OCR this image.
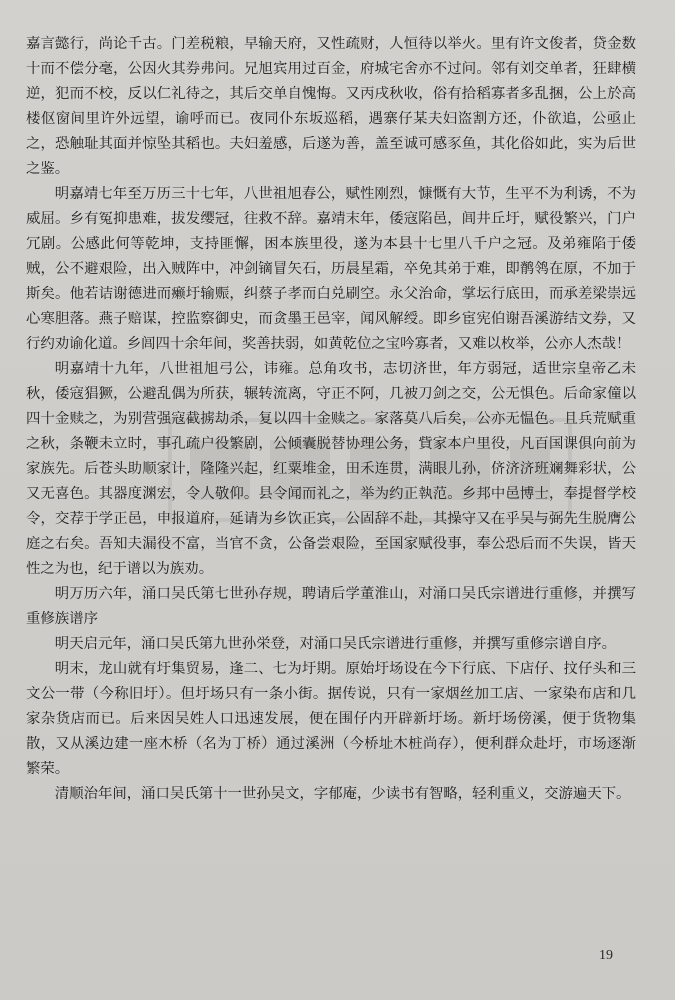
嘉言懿行，尚论千古。门差税粮，早输天府，又性疏财，人恒待以举火。里有许文俊者，贷金数十而不偿分毫，公因火其券弗问。兄旭宾用过百金，府城宅舍亦不过问。邻有刘交单者，狂肆横逆，犯而不校，反以仁礼待之，其后交单自愧悔。又丙戌秋收，俗有拾稻寡者多乱捆，公上於高楼伛窗间里许外远望，谕呼而已。夜同仆东坂巡稻，遇寨仔某夫妇盗割方还，仆欲追，公亟止之，恐触耻其面并惊坠其稻也。夫妇羞感，后遂为善，盖至诚可感豕鱼，其化俗如此，实为后世之鉴。

明嘉靖七年至万历三十七年，八世祖旭春公，赋性刚烈，慷慨有大节，生平不为利诱，不为威屈。乡有冤抑患难，拔发缨冠，往救不辞。嘉靖末年，倭寇陷邑，闾井丘圩，赋役繁兴，门户冗剧。公感此何等乾坤，支持匪懈，困本族里役，遂为本县十七里八千户之冠。及弟雍陷于倭贼，公不避艰险，出入贼阵中，冲剑镝冒矢石，历晨星霜，卒免其弟于难，即鹡鸰在原，不加于斯矣。他若诘谢德进而癞圩输赈，纠蔡子孝而白兑刷空。永父治命，掌坛行底田，而承差梁崇远心寒胆落。燕子赔谋，控监察御史，而贪墨王邑宰，闻风解绶。即乡宦宪伯谢吾溪游结文券，又行约劝谕化道。乡闾四十余年间，奖善扶弱，如黄乾位之宝吟寡者，又难以枚举，公亦人杰哉！

明嘉靖十九年，八世祖旭弓公，讳雍。总角攻书，志切济世，年方弱冠，适世宗皇帝乙未秋，倭寇猖獗，公避乱偶为所获，辗转流离，守正不阿，几被刀剑之交，公无惧色。后命家僮以四十金赎之，为别营强寇截掳劫杀，复以四十金赎之。家落莫八后矣，公亦无愠色。且兵荒赋重之秋，条鞭未立时，事孔疏户役繁剧，公倾囊脱替协理公务，貲家本户里役，凡百国课俱向前为家族先。后苍头助顺家计，隆隆兴起，红粟堆金，田禾连贯，满眼儿孙，侪济济班斓舞彩状，公又无喜色。其器度渊宏，令人敬仰。县令闻而礼之，举为约正執范。乡邦中邑博士，奉提督学校令，交荐于学正邑，申报道府，延请为乡饮正宾，公固辞不赴，其操守又在乎吴与弼先生脱膺公庭之右矣。吾知夫漏役不富，当官不贪，公备尝艰险，至国家赋役事，奉公恐后而不失误，皆天性之为也，纪于谱以为族劝。

明万历六年，涌口吴氏第七世孙存规，聘请后学董淮山，对涌口吴氏宗谱进行重修，并撰写重修族谱序

明天启元年，涌口吴氏第九世孙栄登，对涌口吴氏宗谱进行重修，并撰写重修宗谱自序。

明末，龙山就有圩集贸易，逢二、七为圩期。原始圩场设在今下行底、下店仔、抆仔头和三文公一带（今称旧圩）。但圩场只有一条小街。据传说，只有一家烟丝加工店、一家染布店和几家杂货店而已。后来因吴姓人口迅速发展，便在围仔内开辟新圩场。新圩场傍溪，便于货物集散，又从溪边建一座木桥（名为丁桥）通过溪洲（今桥址木桩尚存），便利群众赴圩，市场逐渐繁荣。

清顺治年间，涌口吴氏第十一世孙吴文，字郁庵，少读书有智略，轻利重义，交游遍天下。

19
